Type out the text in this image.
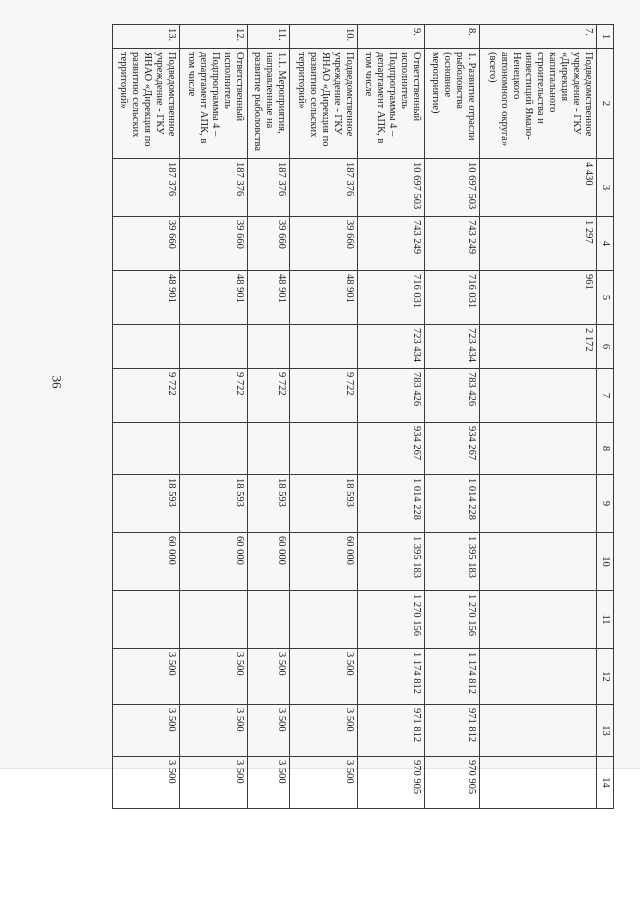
36
1	2	3	4	5	6	7	8	9	10	11	12	13	14
7.	Подведомственное учреждение - ГКУ «Дирекция капитального строительства и инвестиций Ямало-Ненецкого автономного округа» (всего)	4 430	1 297	961	2 172								
8.	1. Развитие отрасли рыболовства (основное мероприятие)	10 697 503	743 249	716 031	723 434	783 426	934 267	1 014 228	1 395 183	1 270 156	1 174 812	971 812	970 905
9.	Ответственный исполнитель Подпрограммы 4 – департамент АПК, в том числе	10 697 503	743 249	716 031	723 434	783 426	934 267	1 014 228	1 395 183	1 270 156	1 174 812	971 812	970 905
10.	Подведомственное учреждение - ГКУ ЯНАО «Дирекция по развитию сельских территорий»	187 376	39 660	48 901		9 722		18 593	60 000		3 500	3 500	3 500
11.	1.1. Мероприятия, направленные на развитие рыболовства	187 376	39 660	48 901		9 722		18 593	60 000		3 500	3 500	3 500
12.	Ответственный исполнитель Подпрограммы 4 – департамент АПК, в том числе	187 376	39 660	48 901		9 722		18 593	60 000		3 500	3 500	3 500
13.	Подведомственное учреждение - ГКУ ЯНАО «Дирекция по развитию сельских территорий»	187 376	39 660	48 901		9 722		18 593	60 000		3 500	3 500	3 500
